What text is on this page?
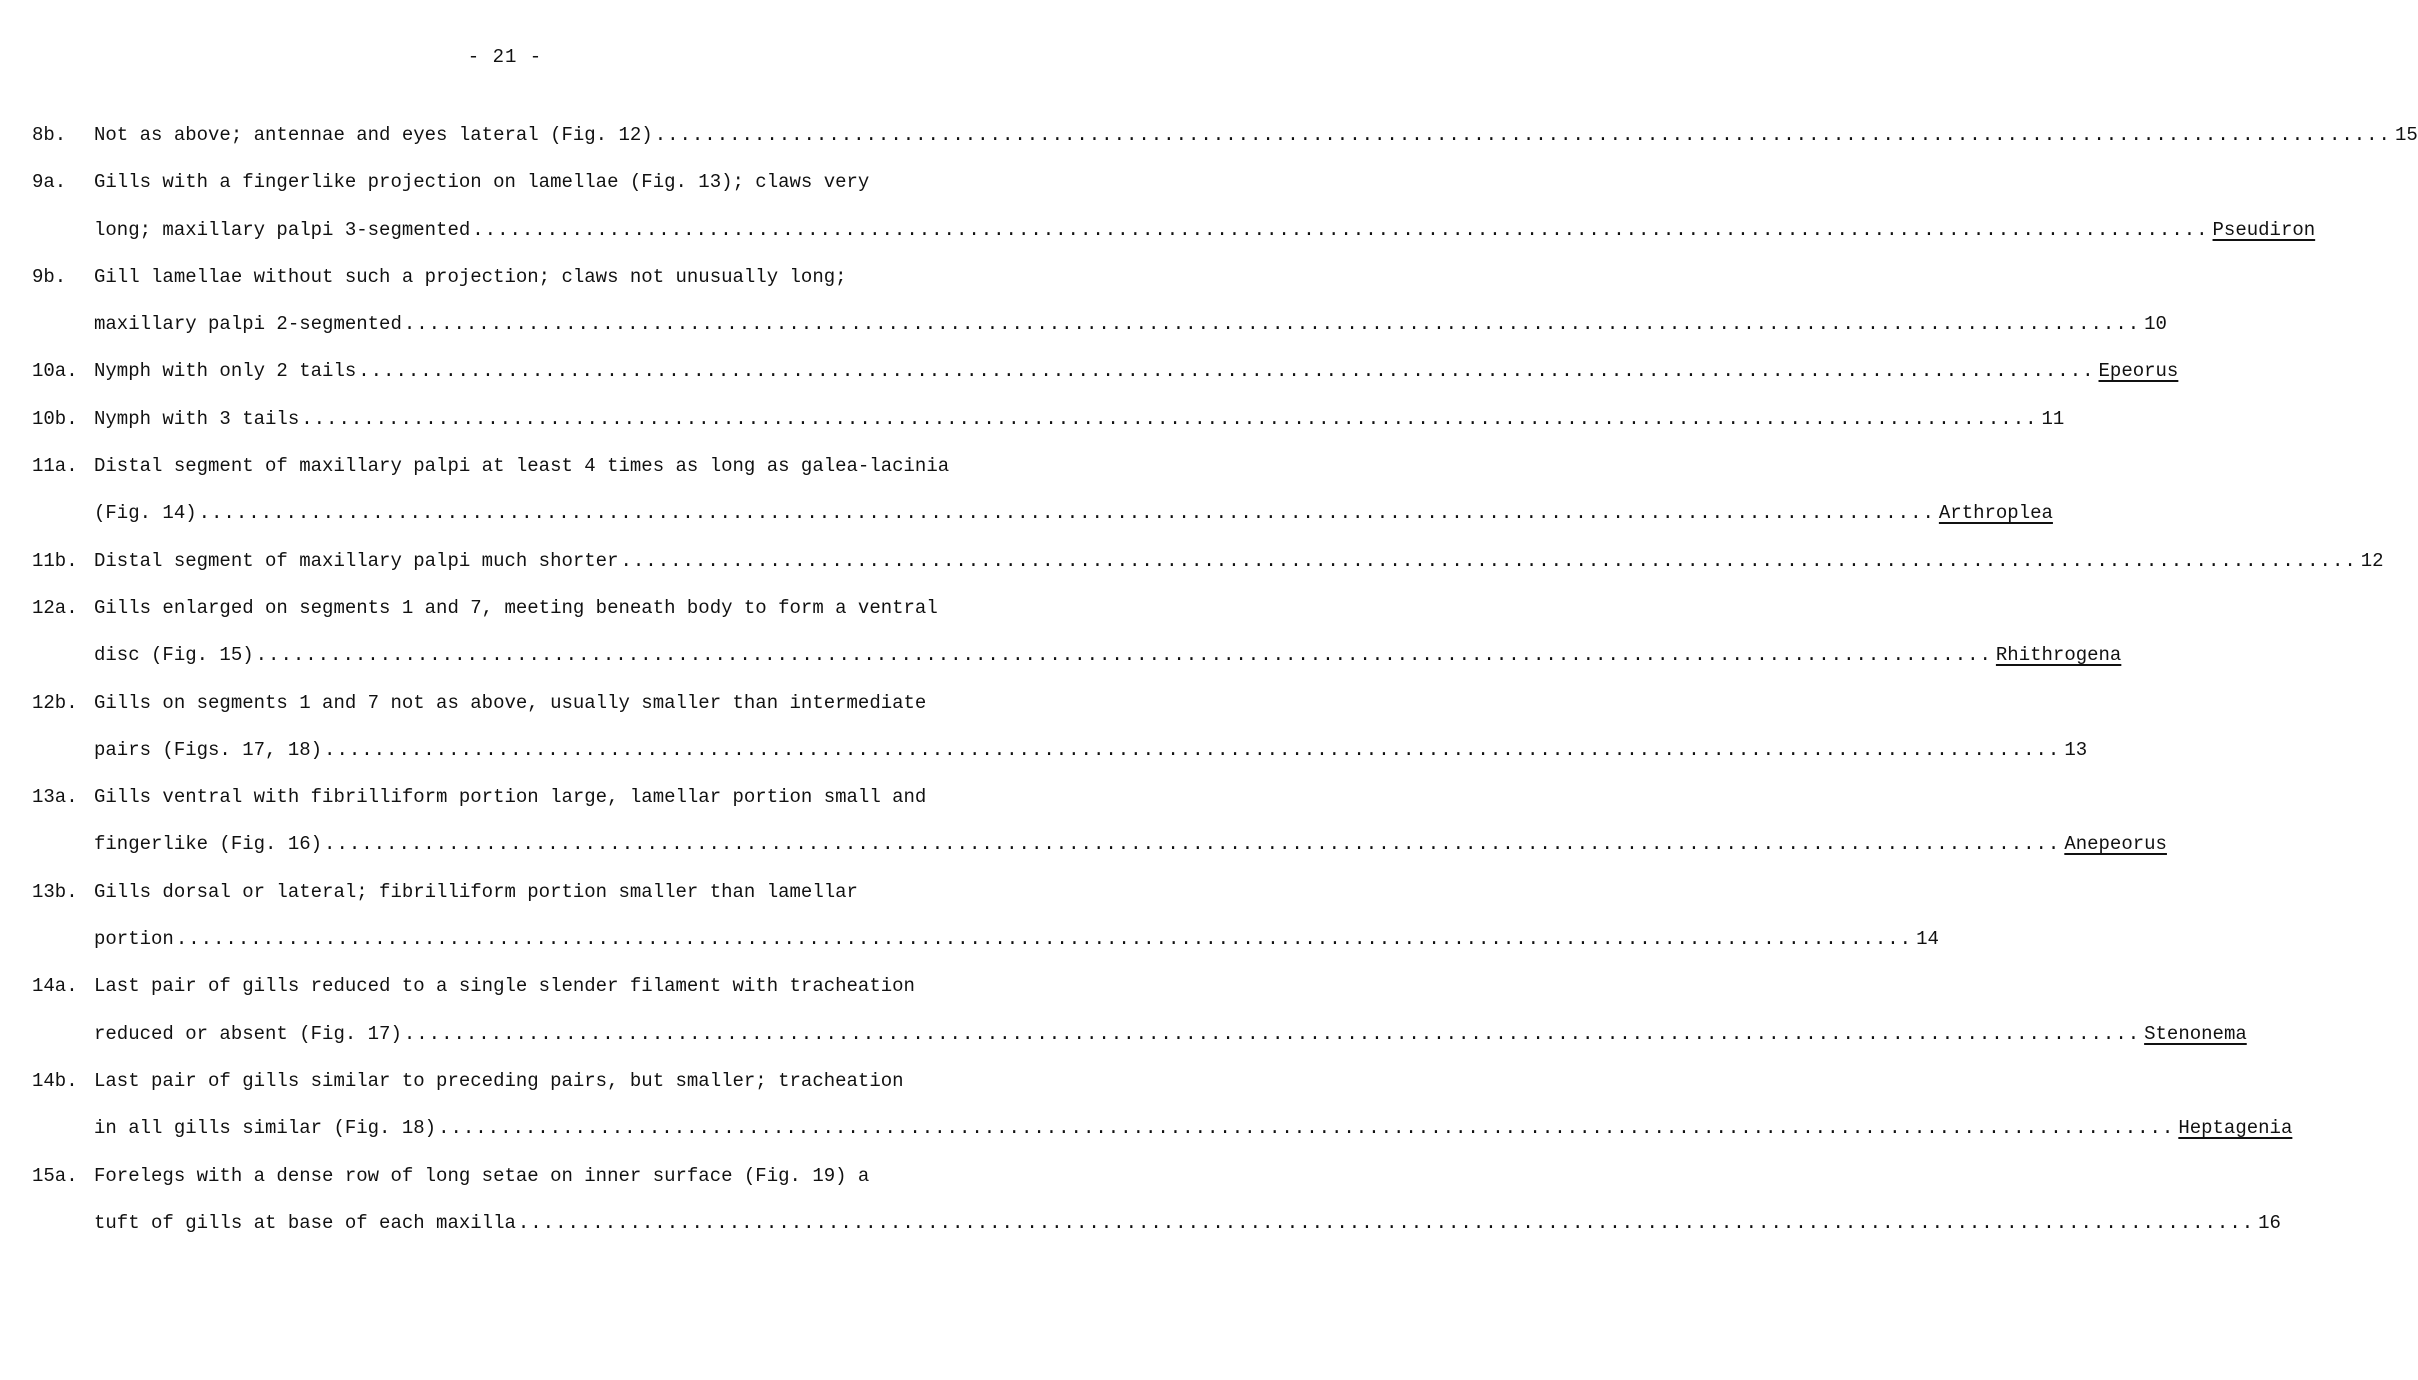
- 21 -
8b.	Not as above; antennae and eyes lateral (Fig. 12) ............................................................................................................................................ 15
9a.	Gills with a fingerlike projection on lamellae (Fig. 13); claws very
long; maxillary palpi 3-segmented ............................................................................................................................................ Pseudiron
9b.	Gill lamellae without such a projection; claws not unusually long;
maxillary palpi 2-segmented ............................................................................................................................................ 10
10a. Nymph with only 2 tails ............................................................................................................................................ Epeorus
10b. Nymph with 3 tails ............................................................................................................................................ 11
11a. Distal segment of maxillary palpi at least 4 times as long as galea-lacinia
(Fig. 14) ............................................................................................................................................ Arthroplea
11b. Distal segment of maxillary palpi much shorter ............................................................................................................................................ 12
12a. Gills enlarged on segments 1 and 7, meeting beneath body to form a ventral
disc (Fig. 15) ............................................................................................................................................ Rhithrogena
12b. Gills on segments 1 and 7 not as above, usually smaller than intermediate
pairs (Figs. 17, 18) ............................................................................................................................................ 13
13a. Gills ventral with fibrilliform portion large, lamellar portion small and
fingerlike (Fig. 16) ............................................................................................................................................ Anepeorus
13b. Gills dorsal or lateral; fibrilliform portion smaller than lamellar
portion ............................................................................................................................................ 14
14a. Last pair of gills reduced to a single slender filament with tracheation
reduced or absent (Fig. 17) ............................................................................................................................................ Stenonema
14b. Last pair of gills similar to preceding pairs, but smaller; tracheation
in all gills similar (Fig. 18) ............................................................................................................................................ Heptagenia
15a. Forelegs with a dense row of long setae on inner surface (Fig. 19) a
tuft of gills at base of each maxilla ............................................................................................................................................ 16
